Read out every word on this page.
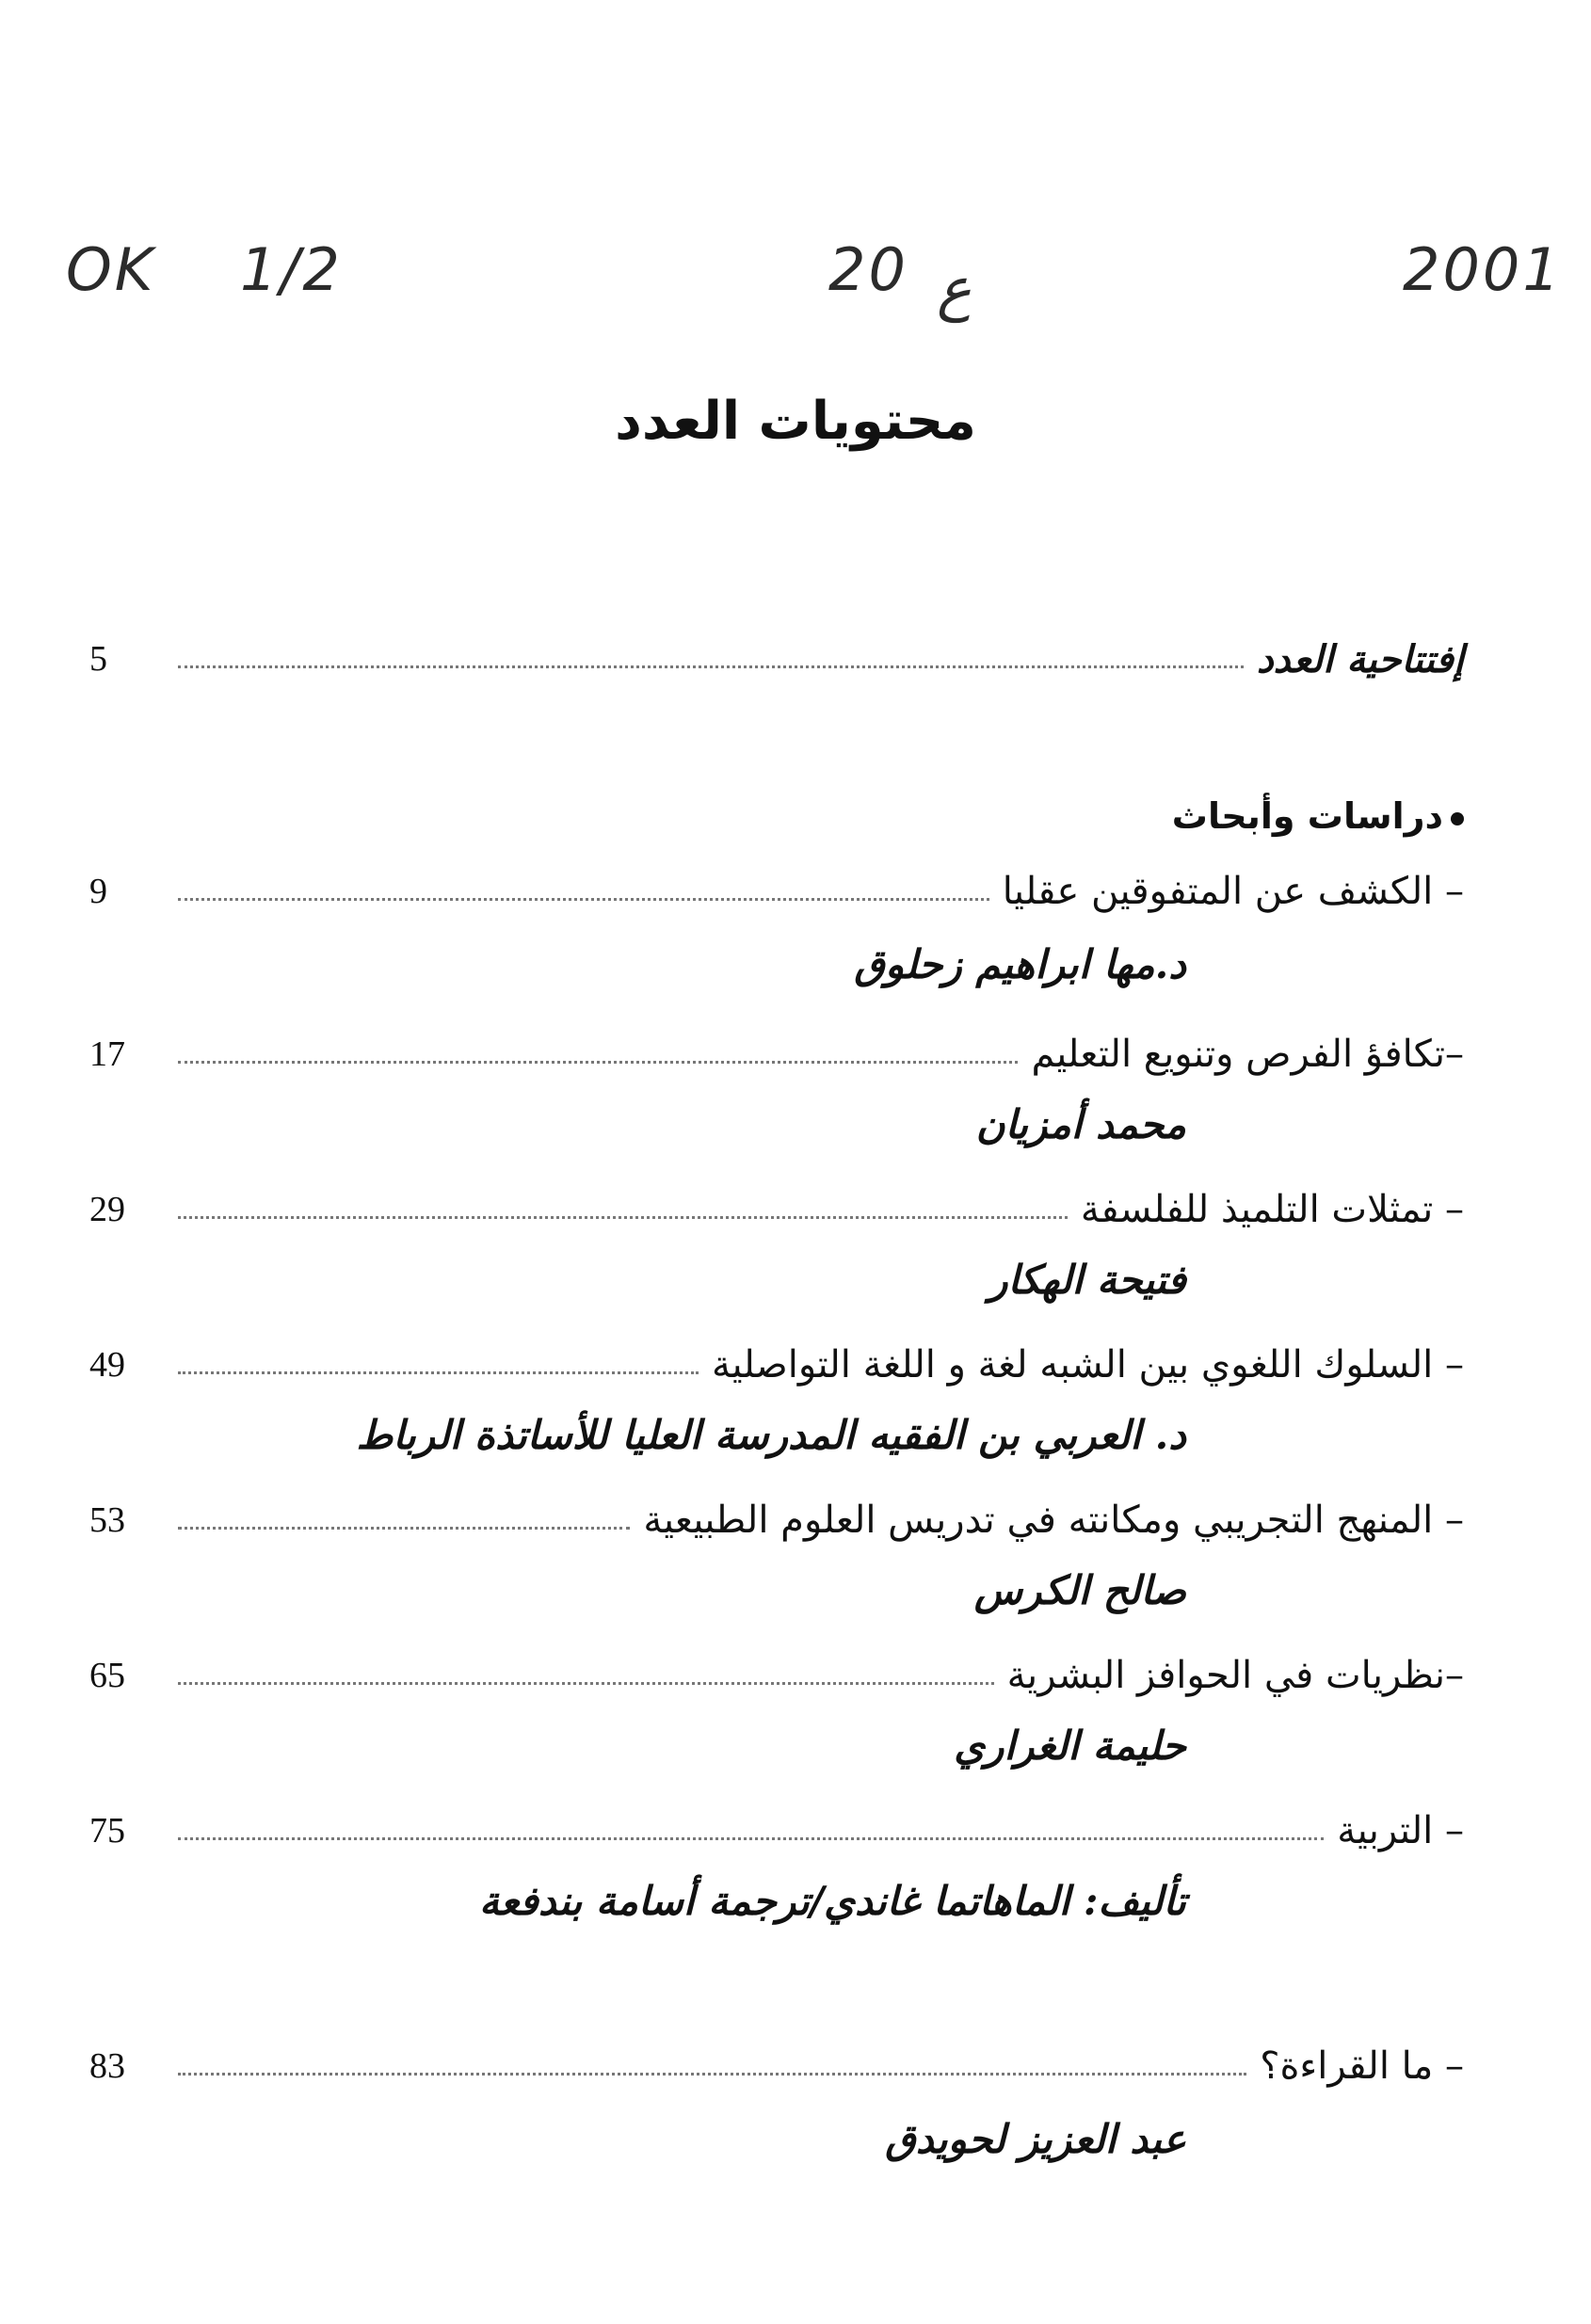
OK 1/2	20 ع	2001
محتويات العدد
إفتتاحية العدد
5
دراسات وأبحاث
– الكشف عن المتفوقين عقليا
9
د.مها ابراهيم زحلوق
–تكافؤ الفرص وتنويع التعليم
17
محمد أمزيان
– تمثلات التلميذ للفلسفة
29
فتيحة الهكار
– السلوك اللغوي بين الشبه لغة و اللغة التواصلية
49
د. العربي بن الفقيه المدرسة العليا للأساتذة الرباط
– المنهج التجريبي ومكانته في تدريس العلوم الطبيعية
53
صالح الكرس
–نظريات في الحوافز البشرية
65
حليمة الغراري
– التربية
75
تأليف: الماهاتما غاندي/ترجمة أسامة بندفعة
– ما القراءة؟
83
عبد العزيز لحويدق
